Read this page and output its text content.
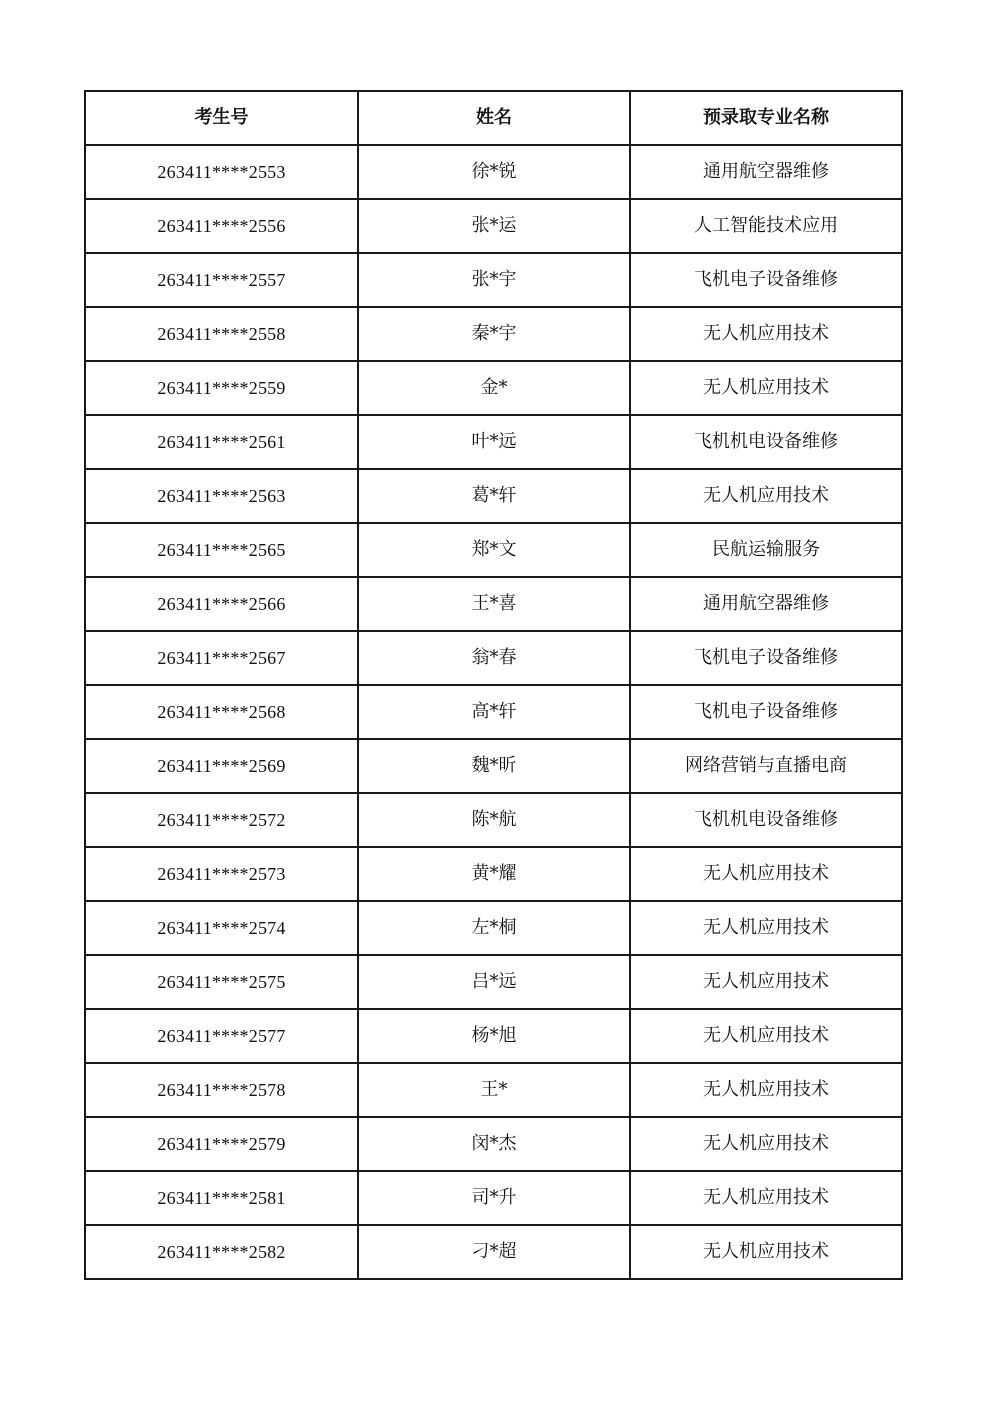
考生号	姓名	预录取专业名称
263411****2553	徐*锐	通用航空器维修
263411****2556	张*运	人工智能技术应用
263411****2557	张*宇	飞机电子设备维修
263411****2558	秦*宇	无人机应用技术
263411****2559	金*	无人机应用技术
263411****2561	叶*远	飞机机电设备维修
263411****2563	葛*轩	无人机应用技术
263411****2565	郑*文	民航运输服务
263411****2566	王*喜	通用航空器维修
263411****2567	翁*春	飞机电子设备维修
263411****2568	高*轩	飞机电子设备维修
263411****2569	魏*昕	网络营销与直播电商
263411****2572	陈*航	飞机机电设备维修
263411****2573	黄*耀	无人机应用技术
263411****2574	左*桐	无人机应用技术
263411****2575	吕*远	无人机应用技术
263411****2577	杨*旭	无人机应用技术
263411****2578	王*	无人机应用技术
263411****2579	闵*杰	无人机应用技术
263411****2581	司*升	无人机应用技术
263411****2582	刁*超	无人机应用技术
